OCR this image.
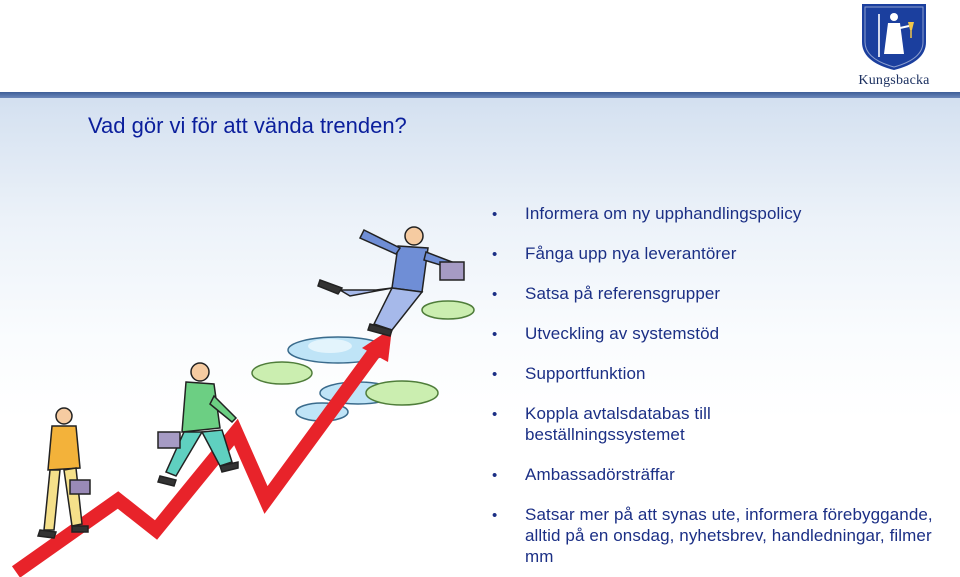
Kungsbacka
Vad gör vi för att vända trenden?
• Informera om ny upphandlingspolicy
• Fånga upp nya leverantörer
• Satsa på referensgrupper
• Utveckling av systemstöd
• Supportfunktion
• Koppla avtalsdatabas till beställningssystemet
• Ambassadörsträffar
• Satsar mer på att synas ute, informera förebyggande, alltid på en onsdag, nyhetsbrev, handledningar, filmer mm
